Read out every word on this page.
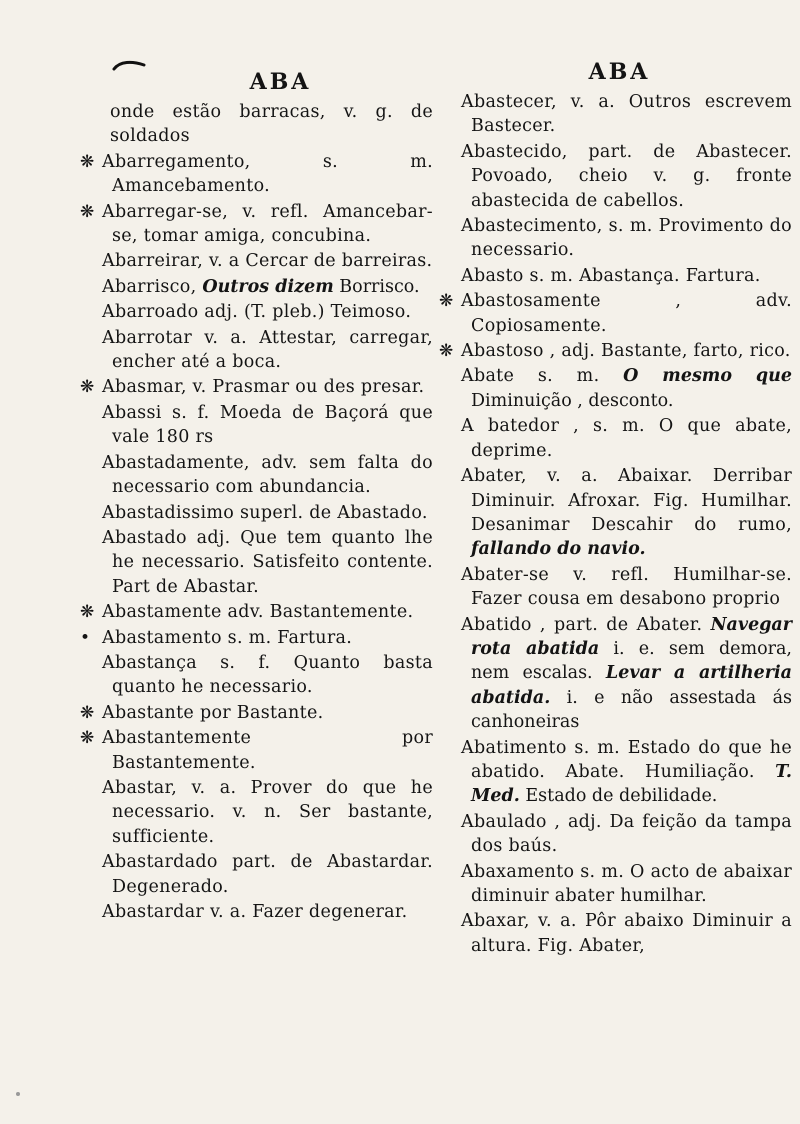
ABA
onde estão barracas, v. g. de soldados
❋ Abarregamento, s. m. Amancebamento.
❋ Abarregar-se, v. refl. Amancebar-se, tomar amiga, concubina.
Abarreirar, v. a Cercar de barreiras.
Abarrisco, Outros dizem Borrisco.
Abarroado adj. (T. pleb.) Teimoso.
Abarrotar v. a. Attestar, carregar, encher até a boca.
❋ Abasmar, v. Prasmar ou des presar.
Abassi s. f. Moeda de Baçorá que vale 180 rs
Abastadamente, adv. sem falta do necessario com abundancia.
Abastadissimo superl. de Abastado.
Abastado adj. Que tem quanto lhe he necessario. Satisfeito contente. Part de Abastar.
❋ Abastamente adv. Bastantemente.
• Abastamento s. m. Fartura.
Abastança s. f. Quanto basta quanto he necessario.
❋ Abastante por Bastante.
❋ Abastantemente por Bastantemente.
Abastar, v. a. Prover do que he necessario. v. n. Ser bastante, sufficiente.
Abastardado part. de Abastardar. Degenerado.
Abastardar v. a. Fazer degenerar.
ABA
Abastecer, v. a. Outros escrevem Bastecer.
Abastecido, part. de Abastecer. Povoado, cheio v. g. fronte abastecida de cabellos.
Abastecimento, s. m. Provimento do necessario.
Abasto s. m. Abastança. Fartura.
❋ Abastosamente , adv. Copiosamente.
❋ Abastoso , adj. Bastante, farto, rico.
Abate s. m. O mesmo que Diminuição , desconto.
A batedor , s. m. O que abate, deprime.
Abater, v. a. Abaixar. Derribar Diminuir. Afroxar. Fig. Humilhar. Desanimar Descahir do rumo, fallando do navio.
Abater-se v. refl. Humilhar-se. Fazer cousa em desabono proprio
Abatido , part. de Abater. Navegar rota abatida i. e. sem demora, nem escalas. Levar a artilheria abatida. i. e não assestada ás canhoneiras
Abatimento s. m. Estado do que he abatido. Abate. Humiliação. T. Med. Estado de debilidade.
Abaulado , adj. Da feição da tampa dos baús.
Abaxamento s. m. O acto de abaixar diminuir abater humilhar.
Abaxar, v. a. Pôr abaixo Diminuir a altura. Fig. Abater,
